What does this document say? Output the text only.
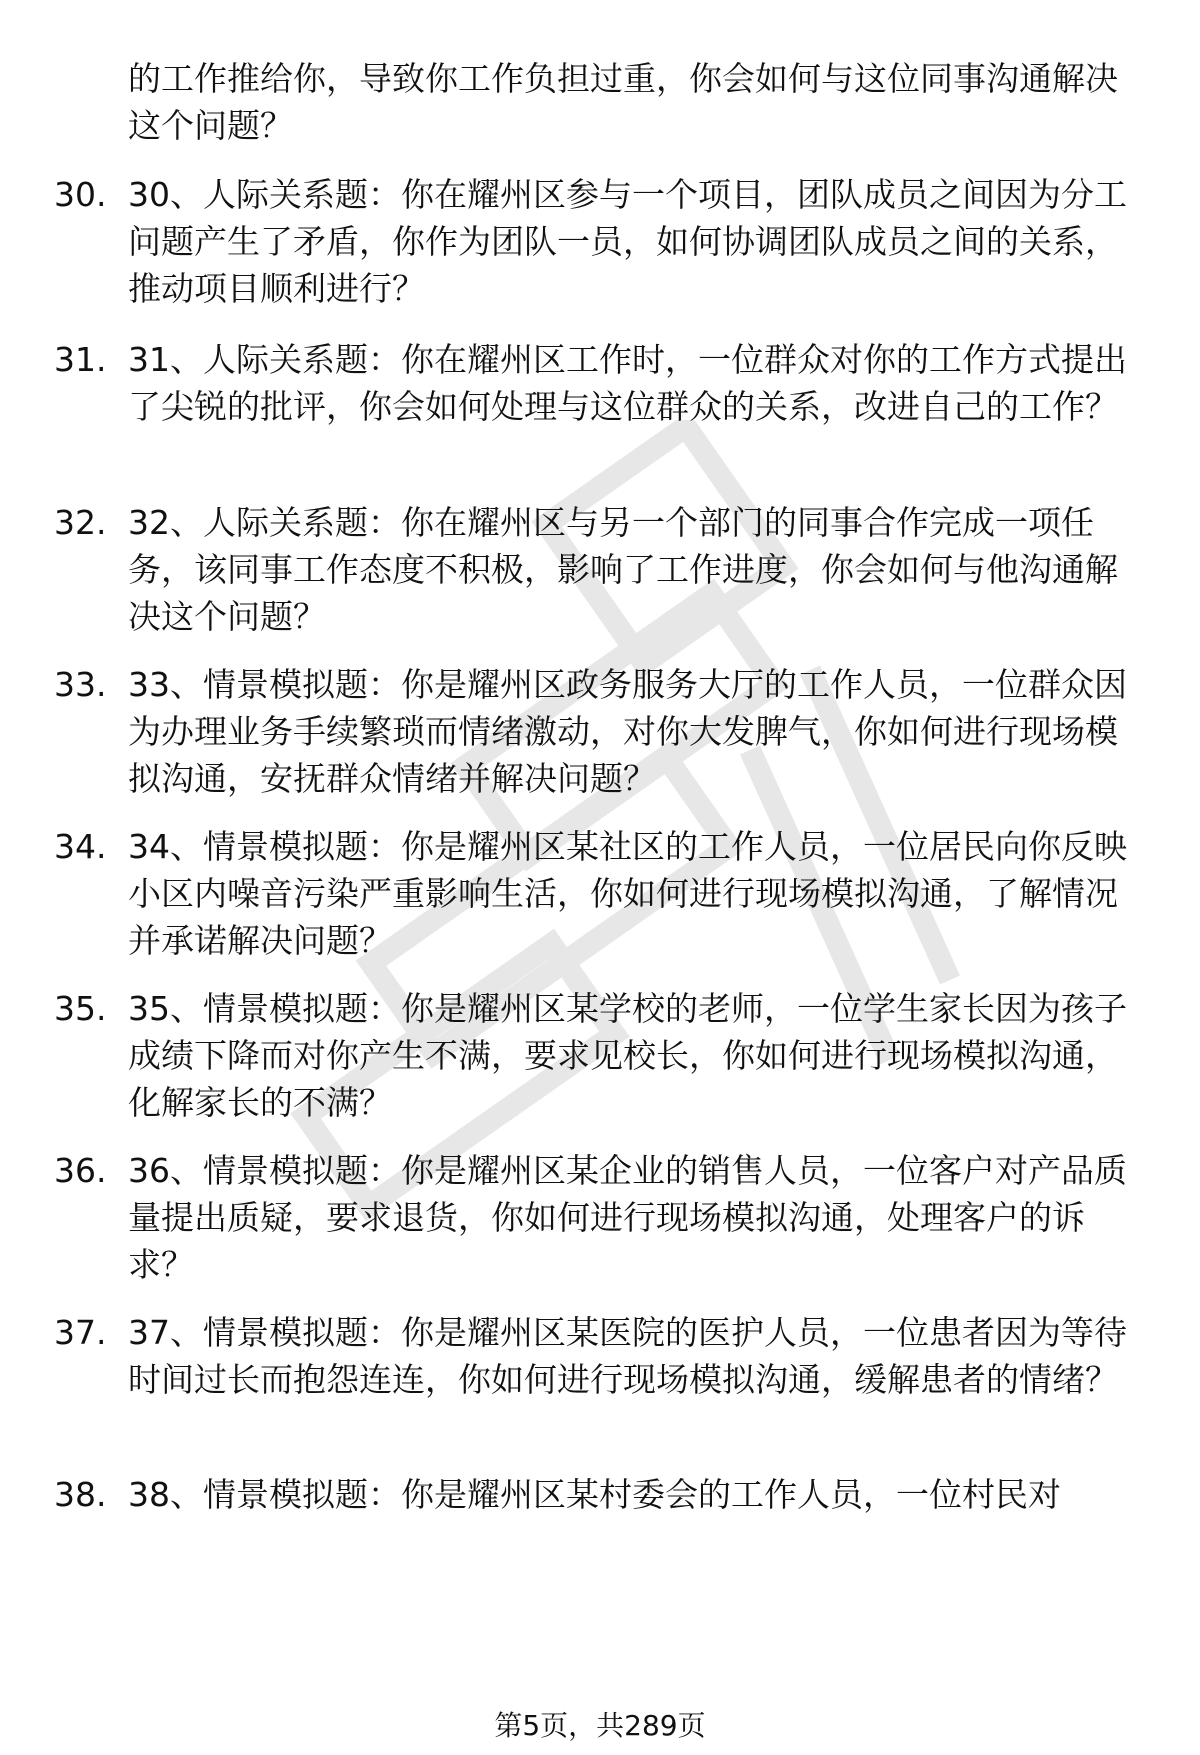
的工作推给你，导致你工作负担过重，你会如何与这位同事沟通解决这个问题？
30. 30、人际关系题：你在耀州区参与一个项目，团队成员之间因为分工问题产生了矛盾，你作为团队一员，如何协调团队成员之间的关系，推动项目顺利进行？
31. 31、人际关系题：你在耀州区工作时，一位群众对你的工作方式提出了尖锐的批评，你会如何处理与这位群众的关系，改进自己的工作？
32. 32、人际关系题：你在耀州区与另一个部门的同事合作完成一项任务，该同事工作态度不积极，影响了工作进度，你会如何与他沟通解决这个问题？
33. 33、情景模拟题：你是耀州区政务服务大厅的工作人员，一位群众因为办理业务手续繁琐而情绪激动，对你大发脾气，你如何进行现场模拟沟通，安抚群众情绪并解决问题？
34. 34、情景模拟题：你是耀州区某社区的工作人员，一位居民向你反映小区内噪音污染严重影响生活，你如何进行现场模拟沟通，了解情况并承诺解决问题？
35. 35、情景模拟题：你是耀州区某学校的老师，一位学生家长因为孩子成绩下降而对你产生不满，要求见校长，你如何进行现场模拟沟通，化解家长的不满？
36. 36、情景模拟题：你是耀州区某企业的销售人员，一位客户对产品质量提出质疑，要求退货，你如何进行现场模拟沟通，处理客户的诉求？
37. 37、情景模拟题：你是耀州区某医院的医护人员，一位患者因为等待时间过长而抱怨连连，你如何进行现场模拟沟通，缓解患者的情绪？
38. 38、情景模拟题：你是耀州区某村委会的工作人员，一位村民对
第5页，共289页
